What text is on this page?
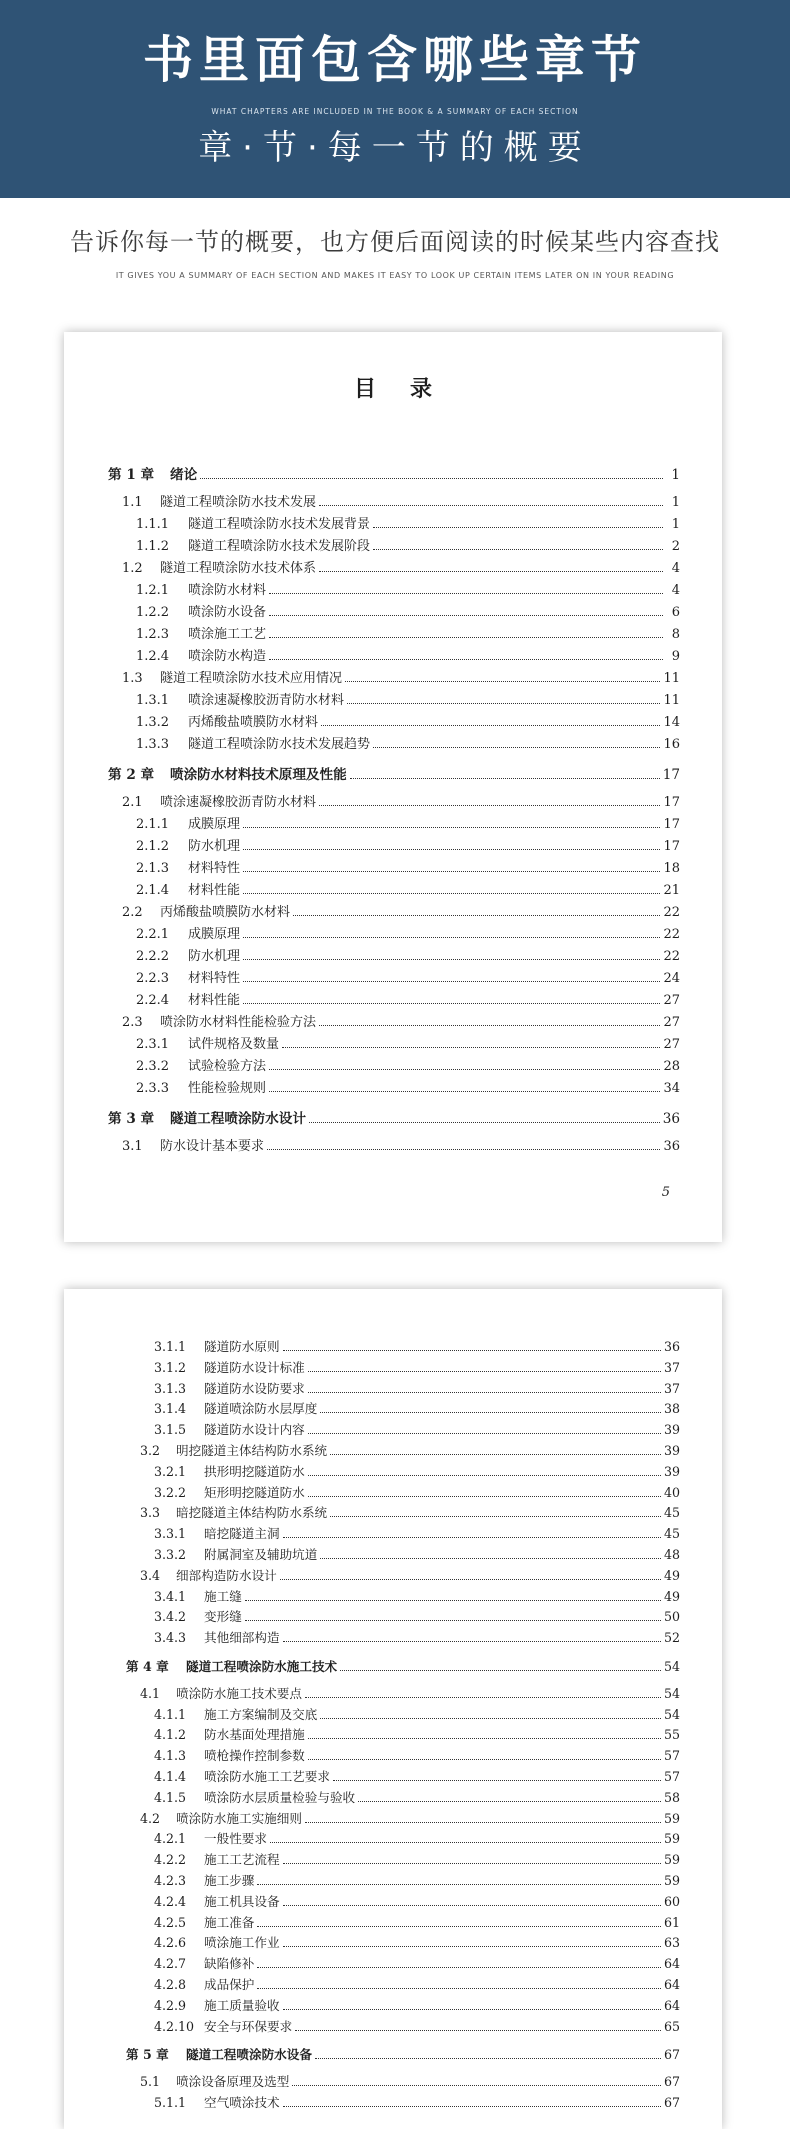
书里面包含哪些章节
WHAT CHAPTERS ARE INCLUDED IN THE BOOK & A SUMMARY OF EACH SECTION
章·节·每一节的概要
告诉你每一节的概要，也方便后面阅读的时候某些内容查找
IT GIVES YOU A SUMMARY OF EACH SECTION AND MAKES IT EASY TO LOOK UP CERTAIN ITEMS LATER ON IN YOUR READING
目录
第 1 章 绪论	1
1.1 隧道工程喷涂防水技术发展	1
1.1.1 隧道工程喷涂防水技术发展背景	1
1.1.2 隧道工程喷涂防水技术发展阶段	2
1.2 隧道工程喷涂防水技术体系	4
1.2.1 喷涂防水材料	4
1.2.2 喷涂防水设备	6
1.2.3 喷涂施工工艺	8
1.2.4 喷涂防水构造	9
1.3 隧道工程喷涂防水技术应用情况	11
1.3.1 喷涂速凝橡胶沥青防水材料	11
1.3.2 丙烯酸盐喷膜防水材料	14
1.3.3 隧道工程喷涂防水技术发展趋势	16
第 2 章 喷涂防水材料技术原理及性能	17
2.1 喷涂速凝橡胶沥青防水材料	17
2.1.1 成膜原理	17
2.1.2 防水机理	17
2.1.3 材料特性	18
2.1.4 材料性能	21
2.2 丙烯酸盐喷膜防水材料	22
2.2.1 成膜原理	22
2.2.2 防水机理	22
2.2.3 材料特性	24
2.2.4 材料性能	27
2.3 喷涂防水材料性能检验方法	27
2.3.1 试件规格及数量	27
2.3.2 试验检验方法	28
2.3.3 性能检验规则	34
第 3 章 隧道工程喷涂防水设计	36
3.1 防水设计基本要求	36
5
3.1.1 隧道防水原则	36
3.1.2 隧道防水设计标准	37
3.1.3 隧道防水设防要求	37
3.1.4 隧道喷涂防水层厚度	38
3.1.5 隧道防水设计内容	39
3.2 明挖隧道主体结构防水系统	39
3.2.1 拱形明挖隧道防水	39
3.2.2 矩形明挖隧道防水	40
3.3 暗挖隧道主体结构防水系统	45
3.3.1 暗挖隧道主洞	45
3.3.2 附属洞室及辅助坑道	48
3.4 细部构造防水设计	49
3.4.1 施工缝	49
3.4.2 变形缝	50
3.4.3 其他细部构造	52
第 4 章 隧道工程喷涂防水施工技术	54
4.1 喷涂防水施工技术要点	54
4.1.1 施工方案编制及交底	54
4.1.2 防水基面处理措施	55
4.1.3 喷枪操作控制参数	57
4.1.4 喷涂防水施工工艺要求	57
4.1.5 喷涂防水层质量检验与验收	58
4.2 喷涂防水施工实施细则	59
4.2.1 一般性要求	59
4.2.2 施工工艺流程	59
4.2.3 施工步骤	59
4.2.4 施工机具设备	60
4.2.5 施工准备	61
4.2.6 喷涂施工作业	63
4.2.7 缺陷修补	64
4.2.8 成品保护	64
4.2.9 施工质量验收	64
4.2.10 安全与环保要求	65
第 5 章 隧道工程喷涂防水设备	67
5.1 喷涂设备原理及选型	67
5.1.1 空气喷涂技术	67
